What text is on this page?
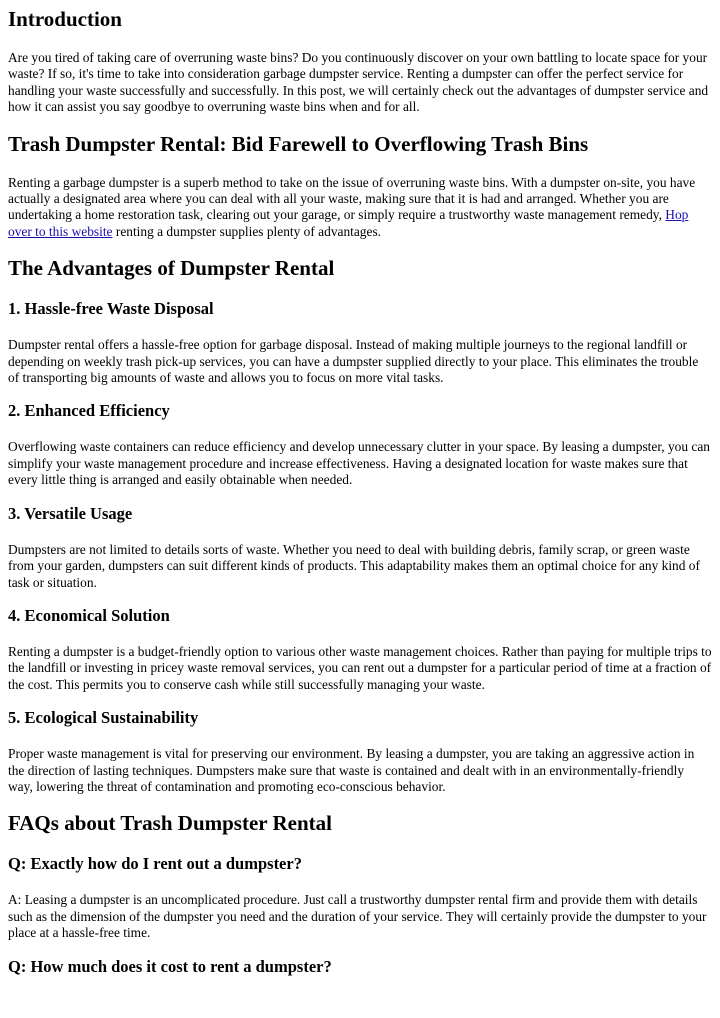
Introduction

Are you tired of taking care of overruning waste bins? Do you continuously discover on your own battling to locate space for your waste? If so, it's time to take into consideration garbage dumpster service. Renting a dumpster can offer the perfect service for handling your waste successfully and successfully. In this post, we will certainly check out the advantages of dumpster service and how it can assist you say goodbye to overruning waste bins when and for all.

Trash Dumpster Rental: Bid Farewell to Overflowing Trash Bins

Renting a garbage dumpster is a superb method to take on the issue of overruning waste bins. With a dumpster on-site, you have actually a designated area where you can deal with all your waste, making sure that it is had and arranged. Whether you are undertaking a home restoration task, clearing out your garage, or simply require a trustworthy waste management remedy, Hop over to this website renting a dumpster supplies plenty of advantages.

The Advantages of Dumpster Rental
1. Hassle-free Waste Disposal

Dumpster rental offers a hassle-free option for garbage disposal. Instead of making multiple journeys to the regional landfill or depending on weekly trash pick-up services, you can have a dumpster supplied directly to your place. This eliminates the trouble of transporting big amounts of waste and allows you to focus on more vital tasks.

2. Enhanced Efficiency

Overflowing waste containers can reduce efficiency and develop unnecessary clutter in your space. By leasing a dumpster, you can simplify your waste management procedure and increase effectiveness. Having a designated location for waste makes sure that every little thing is arranged and easily obtainable when needed.

3. Versatile Usage

Dumpsters are not limited to details sorts of waste. Whether you need to deal with building debris, family scrap, or green waste from your garden, dumpsters can suit different kinds of products. This adaptability makes them an optimal choice for any kind of task or situation.

4. Economical Solution

Renting a dumpster is a budget-friendly option to various other waste management choices. Rather than paying for multiple trips to the landfill or investing in pricey waste removal services, you can rent out a dumpster for a particular period of time at a fraction of the cost. This permits you to conserve cash while still successfully managing your waste.

5. Ecological Sustainability

Proper waste management is vital for preserving our environment. By leasing a dumpster, you are taking an aggressive action in the direction of lasting techniques. Dumpsters make sure that waste is contained and dealt with in an environmentally-friendly way, lowering the threat of contamination and promoting eco-conscious behavior.

FAQs about Trash Dumpster Rental
Q: Exactly how do I rent out a dumpster?

A: Leasing a dumpster is an uncomplicated procedure. Just call a trustworthy dumpster rental firm and provide them with details such as the dimension of the dumpster you need and the duration of your service. They will certainly provide the dumpster to your place at a hassle-free time.

Q: How much does it cost to rent a dumpster?
